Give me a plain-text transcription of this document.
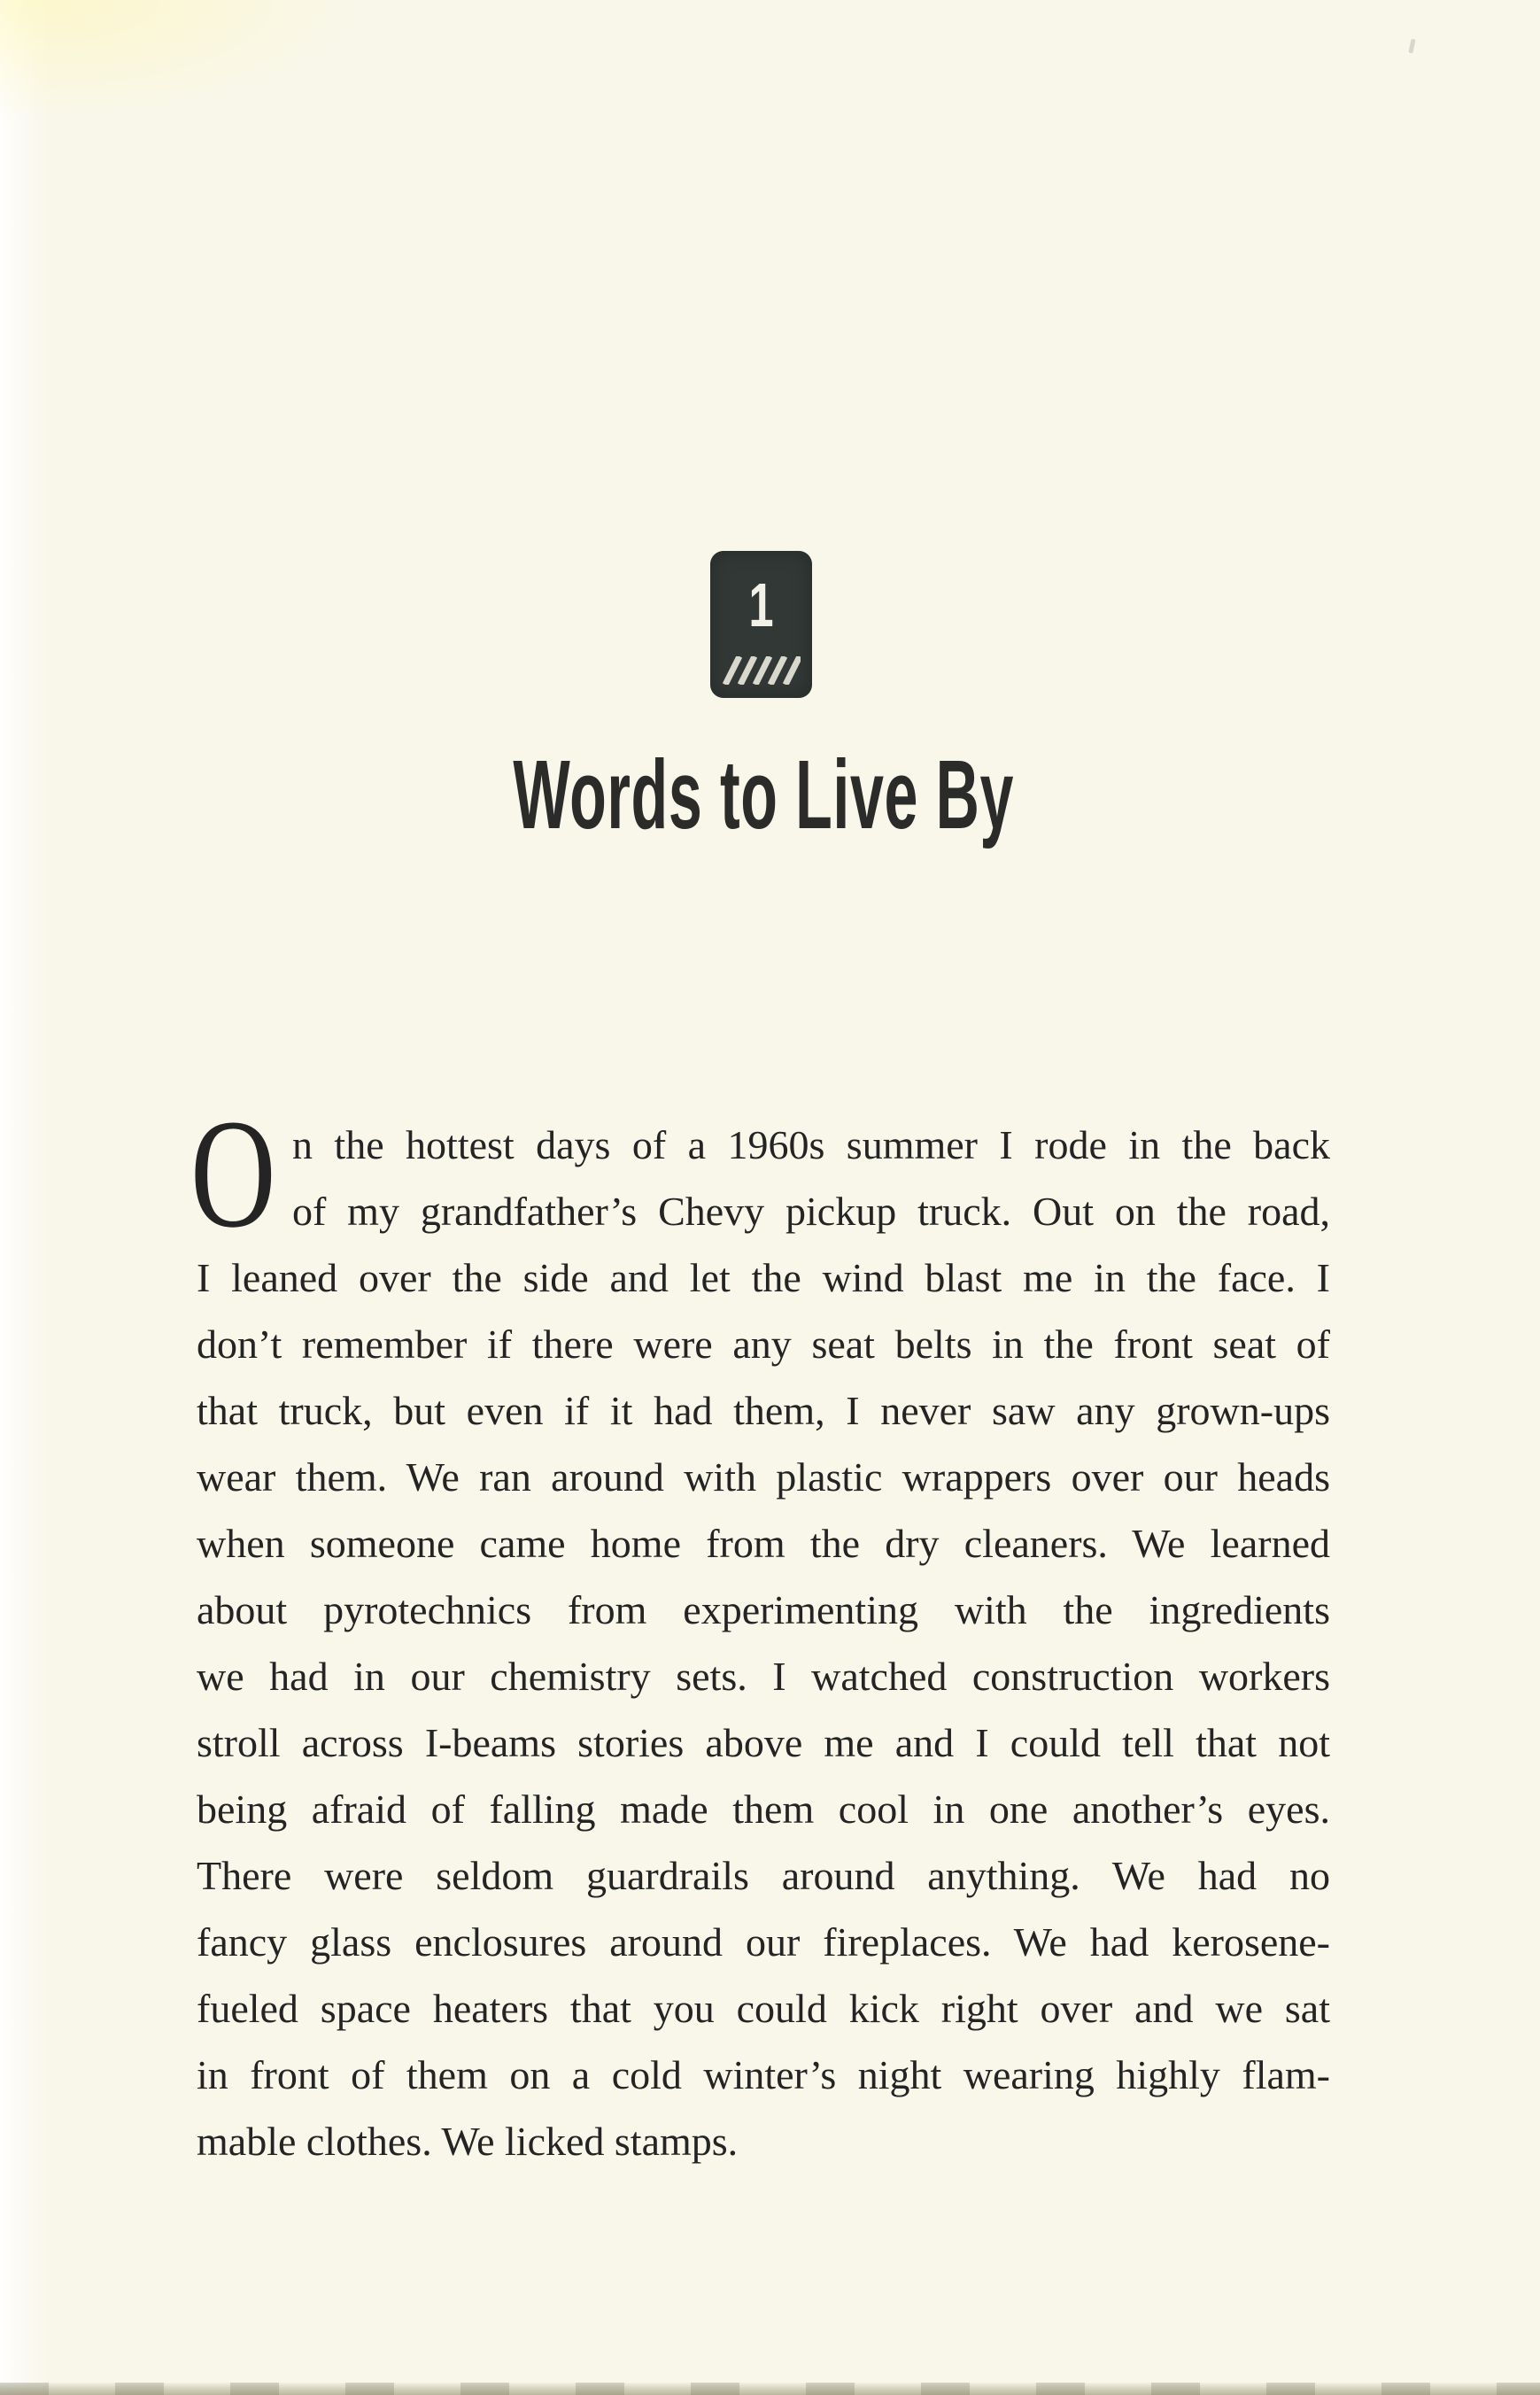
1
Words to Live By
O n the hottest days of a 1960s summer I rode in the back
of my grandfather’s Chevy pickup truck. Out on the road,
I leaned over the side and let the wind blast me in the face. I
don’t remember if there were any seat belts in the front seat of
that truck, but even if it had them, I never saw any grown-ups
wear them. We ran around with plastic wrappers over our heads
when someone came home from the dry cleaners. We learned
about pyrotechnics from experimenting with the ingredients
we had in our chemistry sets. I watched construction workers
stroll across I-beams stories above me and I could tell that not
being afraid of falling made them cool in one another’s eyes.
There were seldom guardrails around anything. We had no
fancy glass enclosures around our fireplaces. We had kerosene-
fueled space heaters that you could kick right over and we sat
in front of them on a cold winter’s night wearing highly flam-
mable clothes. We licked stamps.
